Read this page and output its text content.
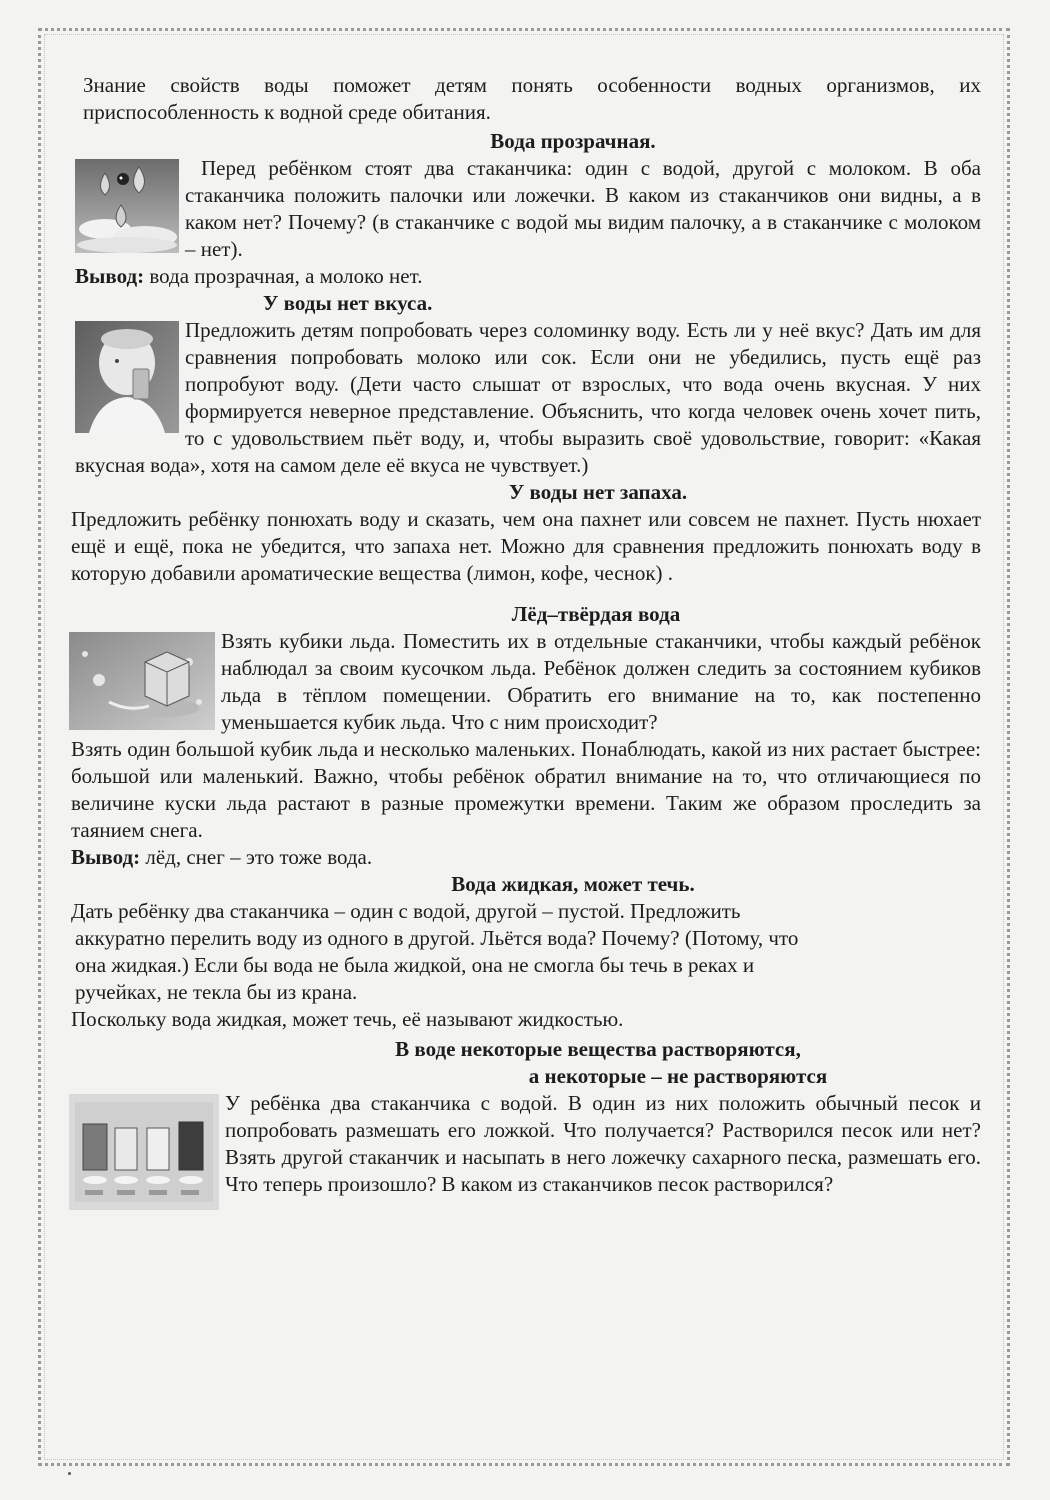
Знание свойств воды поможет детям понять особенности водных организмов, их приспособленность к водной среде обитания.

Вода прозрачная.

Перед ребёнком стоят два стаканчика: один с водой, другой с молоком. В оба стаканчика положить палочки или ложечки. В каком из стаканчиков они видны, а в каком нет? Почему? (в стаканчике с водой мы видим палочку, а в стаканчике с молоком – нет).

Вывод: вода прозрачная, а молоко нет.

У воды нет вкуса.

Предложить детям попробовать через соломинку воду. Есть ли у неё вкус? Дать им для сравнения попробовать молоко или сок. Если они не убедились, пусть ещё раз попробуют воду. (Дети часто слышат от взрослых, что вода очень вкусная. У них формируется неверное представление. Объяснить, что когда человек очень хочет пить, то с удовольствием пьёт воду, и, чтобы выразить своё удовольствие, говорит: «Какая вкусная вода», хотя на самом деле её вкуса не чувствует.)

У воды нет запаха.

Предложить ребёнку понюхать воду и сказать, чем она пахнет или совсем не пахнет. Пусть нюхает ещё и ещё, пока не убедится, что запаха нет. Можно для сравнения предложить понюхать воду в которую добавили ароматические вещества (лимон, кофе, чеснок) .

Лёд–твёрдая вода

Взять кубики льда. Поместить их в отдельные стаканчики, чтобы каждый ребёнок наблюдал за своим кусочком льда. Ребёнок должен следить за состоянием кубиков льда в тёплом помещении. Обратить его внимание на то, как постепенно уменьшается кубик льда. Что с ним происходит?

Взять один большой кубик льда и несколько маленьких. Понаблюдать, какой из них растает быстрее: большой или маленький. Важно, чтобы ребёнок обратил внимание на то, что отличающиеся по величине куски льда растают в разные промежутки времени. Таким же образом проследить за таянием снега.

Вывод: лёд, снег – это тоже вода.

Вода жидкая, может течь.

Дать ребёнку два стаканчика – один с водой, другой – пустой. Предложить

аккуратно перелить воду из одного в другой. Льётся вода? Почему? (Потому, что

она жидкая.) Если бы вода не была жидкой, она не смогла бы течь в реках и

ручейках, не текла бы из крана.

Поскольку вода жидкая, может течь, её называют жидкостью.

В воде некоторые вещества растворяются,

а некоторые – не растворяются

У ребёнка два стаканчика с водой. В один из них положить обычный песок и попробовать размешать его ложкой. Что получается? Растворился песок или нет? Взять другой стаканчик и насыпать в него ложечку сахарного песка, размешать его. Что теперь произошло? В каком из стаканчиков песок растворился?
